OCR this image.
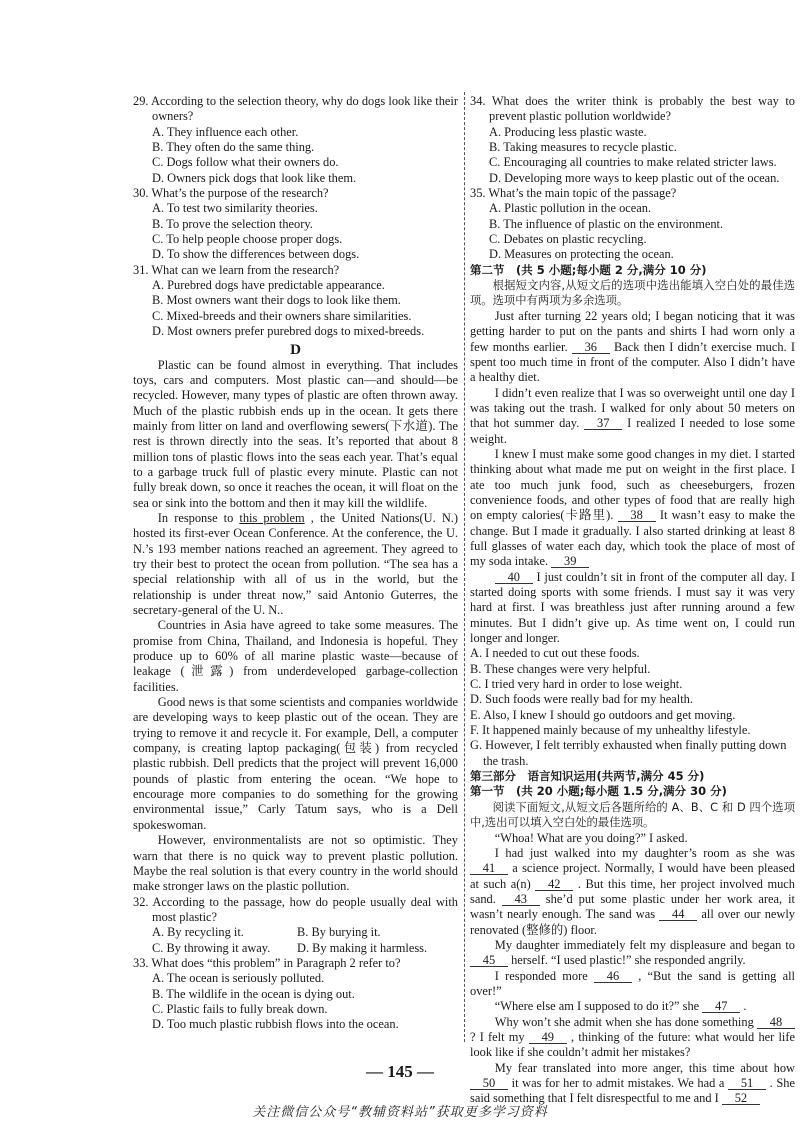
29. According to the selection theory, why do dogs look like their owners?

A. They influence each other.

B. They often do the same thing.

C. Dogs follow what their owners do.

D. Owners pick dogs that look like them.

30. What’s the purpose of the research?

A. To test two similarity theories.

B. To prove the selection theory.

C. To help people choose proper dogs.

D. To show the differences between dogs.

31. What can we learn from the research?

A. Purebred dogs have predictable appearance.

B. Most owners want their dogs to look like them.

C. Mixed-breeds and their owners share similarities.

D. Most owners prefer purebred dogs to mixed-breeds.

D

Plastic can be found almost in everything. That includes toys, cars and computers. Most plastic can—and should—be recycled. However, many types of plastic are often thrown away. Much of the plastic rubbish ends up in the ocean. It gets there mainly from litter on land and overflowing sewers(下水道). The rest is thrown directly into the seas. It’s reported that about 8 million tons of plastic flows into the seas each year. That’s equal to a garbage truck full of plastic every minute. Plastic can not fully break down, so once it reaches the ocean, it will float on the sea or sink into the bottom and then it may kill the wildlife.

In response to this problem , the United Nations(U. N.) hosted its first-ever Ocean Conference. At the conference, the U. N.’s 193 member nations reached an agreement. They agreed to try their best to protect the ocean from pollution. “The sea has a special relationship with all of us in the world, but the relationship is under threat now,” said Antonio Guterres, the secretary-general of the U. N..

Countries in Asia have agreed to take some measures. The promise from China, Thailand, and Indonesia is hopeful. They produce up to 60% of all marine plastic waste—because of leakage (泄露) from underdeveloped garbage-collection facilities.

Good news is that some scientists and companies worldwide are developing ways to keep plastic out of the ocean. They are trying to remove it and recycle it. For example, Dell, a computer company, is creating laptop packaging(包装) from recycled plastic rubbish. Dell predicts that the project will prevent 16,000 pounds of plastic from entering the ocean. “We hope to encourage more companies to do something for the growing environmental issue,” Carly Tatum says, who is a Dell spokeswoman.

However, environmentalists are not so optimistic. They warn that there is no quick way to prevent plastic pollution. Maybe the real solution is that every country in the world should make stronger laws on the plastic pollution.

32. According to the passage, how do people usually deal with most plastic?

A. By recycling it.	B. By burying it.

C. By throwing it away.	D. By making it harmless.

33. What does “this problem” in Paragraph 2 refer to?

A. The ocean is seriously polluted.

B. The wildlife in the ocean is dying out.

C. Plastic fails to fully break down.

D. Too much plastic rubbish flows into the ocean.

34. What does the writer think is probably the best way to prevent plastic pollution worldwide?

A. Producing less plastic waste.

B. Taking measures to recycle plastic.

C. Encouraging all countries to make related stricter laws.

D. Developing more ways to keep plastic out of the ocean.

35. What’s the main topic of the passage?

A. Plastic pollution in the ocean.

B. The influence of plastic on the environment.

C. Debates on plastic recycling.

D. Measures on protecting the ocean.

第二节　(共 5 小题;每小题 2 分,满分 10 分)

根据短文内容,从短文后的选项中选出能填入空白处的最佳选项。选项中有两项为多余选项。

Just after turning 22 years old; I began noticing that it was getting harder to put on the pants and shirts I had worn only a few months earlier. 36 Back then I didn’t exercise much. I spent too much time in front of the computer. Also I didn’t have a healthy diet.

I didn’t even realize that I was so overweight until one day I was taking out the trash. I walked for only about 50 meters on that hot summer day. 37 I realized I needed to lose some weight.

I knew I must make some good changes in my diet. I started thinking about what made me put on weight in the first place. I ate too much junk food, such as cheeseburgers, frozen convenience foods, and other types of food that are really high on empty calories(卡路里). 38 It wasn’t easy to make the change. But I made it gradually. I also started drinking at least 8 full glasses of water each day, which took the place of most of my soda intake. 39

40 I just couldn’t sit in front of the computer all day. I started doing sports with some friends. I must say it was very hard at first. I was breathless just after running around a few minutes. But I didn’t give up. As time went on, I could run longer and longer.

A. I needed to cut out these foods.

B. These changes were very helpful.

C. I tried very hard in order to lose weight.

D. Such foods were really bad for my health.

E. Also, I knew I should go outdoors and get moving.

F. It happened mainly because of my unhealthy lifestyle.

G. However, I felt terribly exhausted when finally putting down the trash.

第三部分　语言知识运用(共两节,满分 45 分)

第一节　(共 20 小题;每小题 1.5 分,满分 30 分)

阅读下面短文,从短文后各题所给的 A、B、C 和 D 四个选项中,选出可以填入空白处的最佳选项。

“Whoa! What are you doing?” I asked.

I had just walked into my daughter’s room as she was 41 a science project. Normally, I would have been pleased at such a(n) 42 . But this time, her project involved much sand. 43 she’d put some plastic under her work area, it wasn’t nearly enough. The sand was 44 all over our newly renovated (整修的) floor.

My daughter immediately felt my displeasure and began to 45 herself. “I used plastic!” she responded angrily.

I responded more 46 , “But the sand is getting all over!”

“Where else am I supposed to do it?” she 47 .

Why won’t she admit when she has done something 48 ? I felt my 49 , thinking of the future: what would her life look like if she couldn’t admit her mistakes?

My fear translated into more anger, this time about how 50 it was for her to admit mistakes. We had a 51 . She said something that I felt disrespectful to me and I 52

— 145 —
关注微信公众号“教辅资料站”获取更多学习资料
